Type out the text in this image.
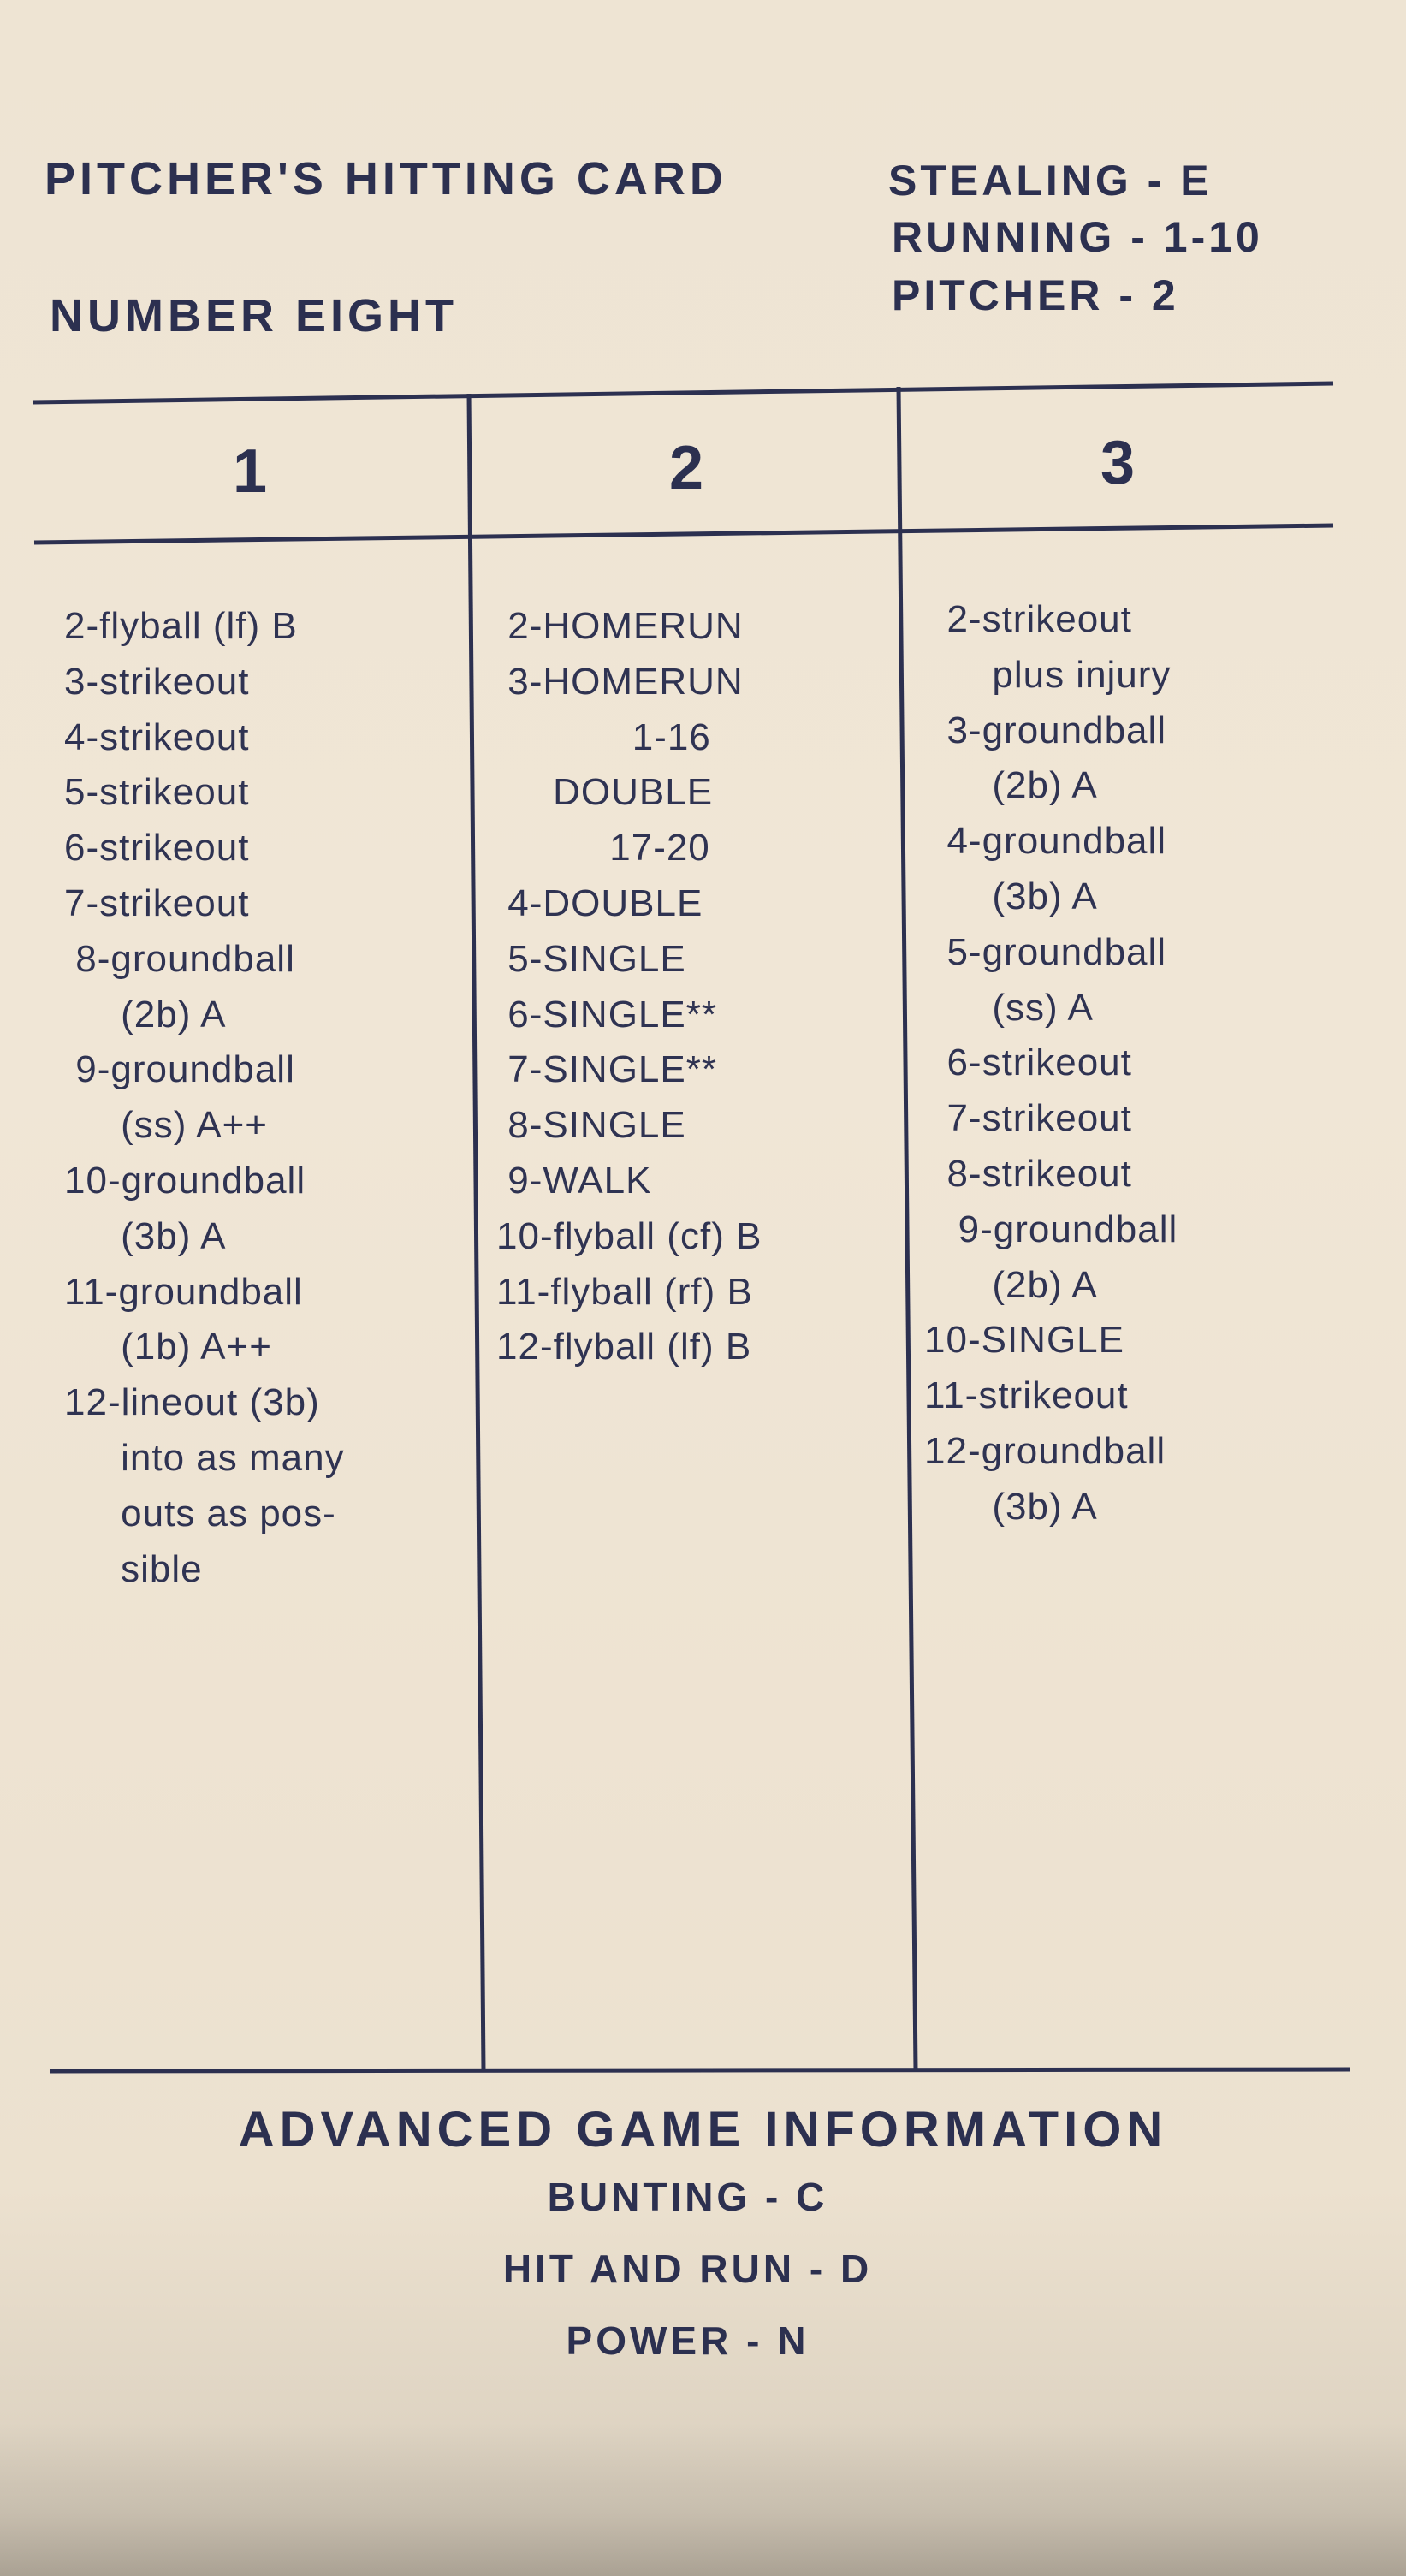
PITCHER'S HITTING CARD
NUMBER EIGHT
STEALING - E
RUNNING - 1-10
PITCHER - 2
1	2	3
2-flyball (lf) B
3-strikeout
4-strikeout
5-strikeout
6-strikeout
7-strikeout
8-groundball
(2b) A
9-groundball
(ss) A++
10-groundball
(3b) A
11-groundball
(1b) A++
12-lineout (3b)
into as many
outs as pos-
sible
2-HOMERUN
3-HOMERUN
1-16
DOUBLE
17-20
4-DOUBLE
5-SINGLE
6-SINGLE**
7-SINGLE**
8-SINGLE
9-WALK
10-flyball (cf) B
11-flyball (rf) B
12-flyball (lf) B
2-strikeout
plus injury
3-groundball
(2b) A
4-groundball
(3b) A
5-groundball
(ss) A
6-strikeout
7-strikeout
8-strikeout
9-groundball
(2b) A
10-SINGLE
11-strikeout
12-groundball
(3b) A
ADVANCED GAME INFORMATION
BUNTING - C
HIT AND RUN - D
POWER - N
